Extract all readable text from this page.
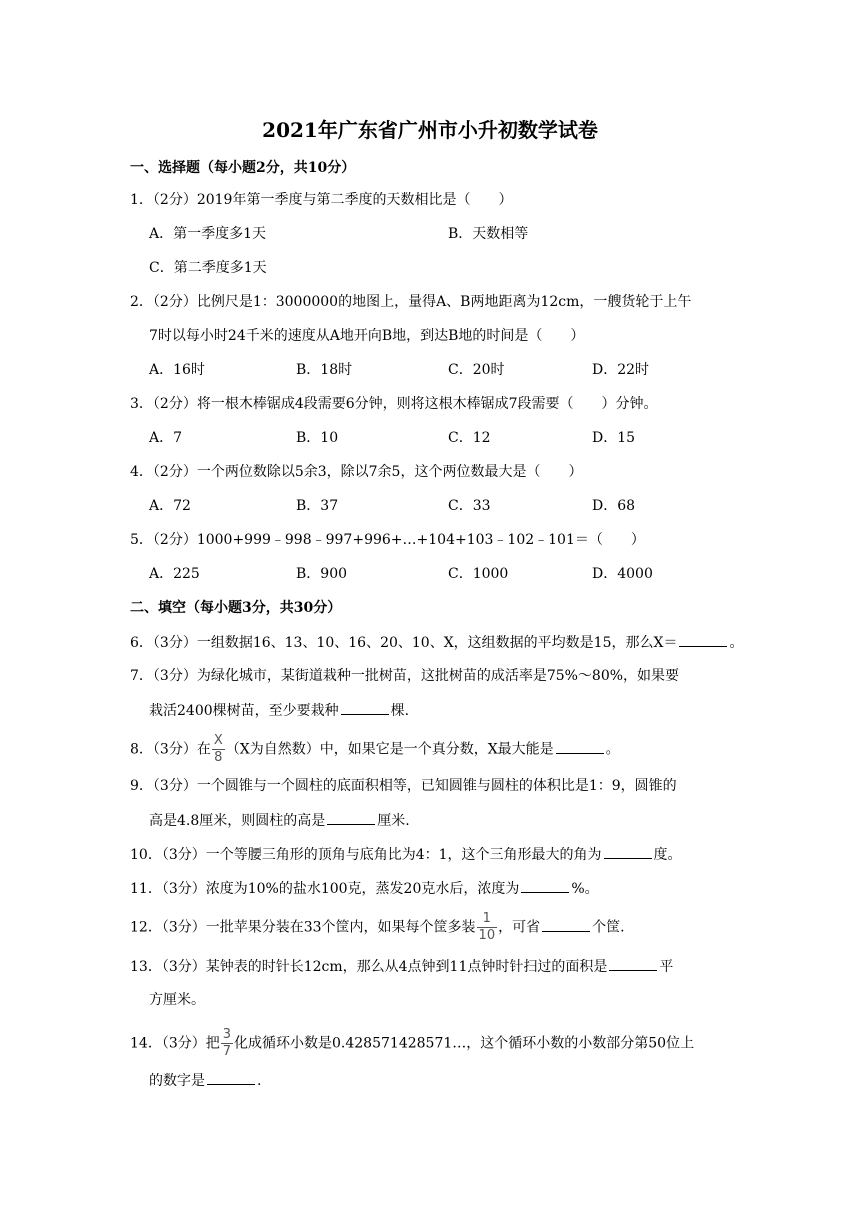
2021年广东省广州市小升初数学试卷
一、选择题（每小题2分，共10分）
1．（2分）2019年第一季度与第二季度的天数相比是（　　）
A．第一季度多1天	B．天数相等
C．第二季度多1天
2．（2分）比例尺是1：3000000的地图上，量得A、B两地距离为12cm，一艘货轮于上午
7时以每小时24千米的速度从A地开向B地，到达B地的时间是（　　）
A．16时	B．18时	C．20时	D．22时
3．（2分）将一根木棒锯成4段需要6分钟，则将这根木棒锯成7段需要（　　）分钟。
A．7	B．10	C．12	D．15
4．（2分）一个两位数除以5余3，除以7余5，这个两位数最大是（　　）
A．72	B．37	C．33	D．68
5．（2分）1000+999﹣998﹣997+996+…+104+103﹣102﹣101＝（　　）
A．225	B．900	C．1000	D．4000
二、填空（每小题3分，共30分）
6．（3分）一组数据16、13、10、16、20、10、X，这组数据的平均数是15，那么X＝	。
7．（3分）为绿化城市，某街道栽种一批树苗，这批树苗的成活率是75%～80%，如果要
栽活2400棵树苗，至少要栽种	棵.
8．（3分）在 $\frac{X}{8} (X$为自然数）中，如果它是一个真分数，X最大能是	。
9．（3分）一个圆锥与一个圆柱的底面积相等，已知圆锥与圆柱的体积比是1：9，圆锥的
高是4.8厘米，则圆柱的高是	厘米.
10．（3分）一个等腰三角形的顶角与底角比为4：1，这个三角形最大的角为	度。
11．（3分）浓度为10%的盐水100克，蒸发20克水后，浓度为	%。
12．（3分）一批苹果分装在33个筐内，如果每个筐多装 $\frac{1}{10}$ ，可省	个筐.
13．（3分）某钟表的时针长12cm，那么从4点钟到11点钟时针扫过的面积是	平
方厘米。
14．（3分）把 $\frac{3}{7}$ 化成循环小数是0.428571428571…，这个循环小数的小数部分第50位上
的数字是	.
